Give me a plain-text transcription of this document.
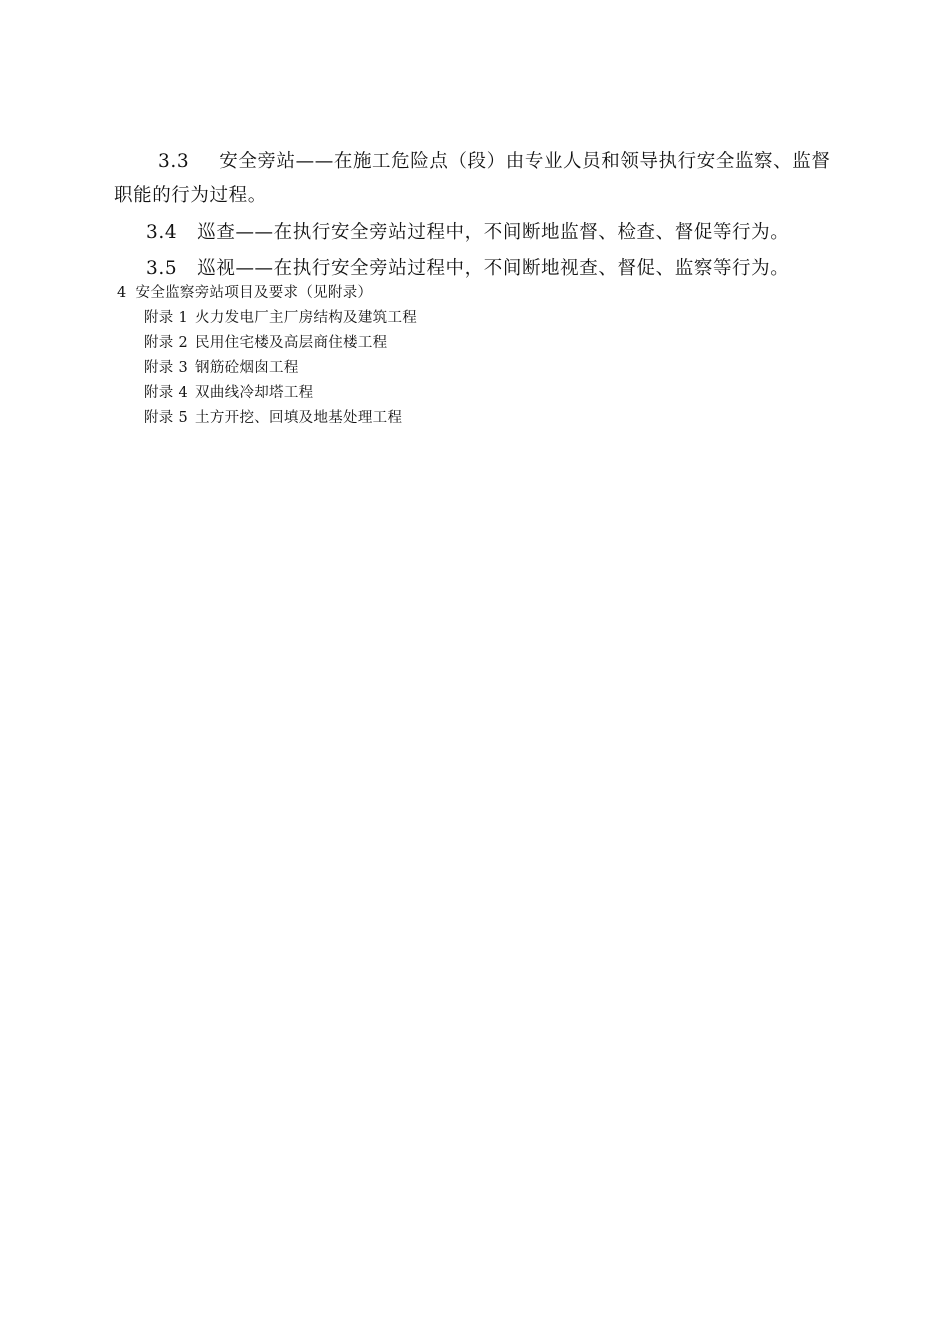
3.3 安全旁站——在施工危险点（段）由专业人员和领导执行安全监察、监督
职能的行为过程。
3.4 巡查——在执行安全旁站过程中，不间断地监督、检查、督促等行为。
3.5 巡视——在执行安全旁站过程中，不间断地视查、督促、监察等行为。
4 安全监察旁站项目及要求（见附录）
附录 1 火力发电厂主厂房结构及建筑工程
附录 2 民用住宅楼及高层商住楼工程
附录 3 钢筋砼烟囱工程
附录 4 双曲线冷却塔工程
附录 5 土方开挖、回填及地基处理工程
